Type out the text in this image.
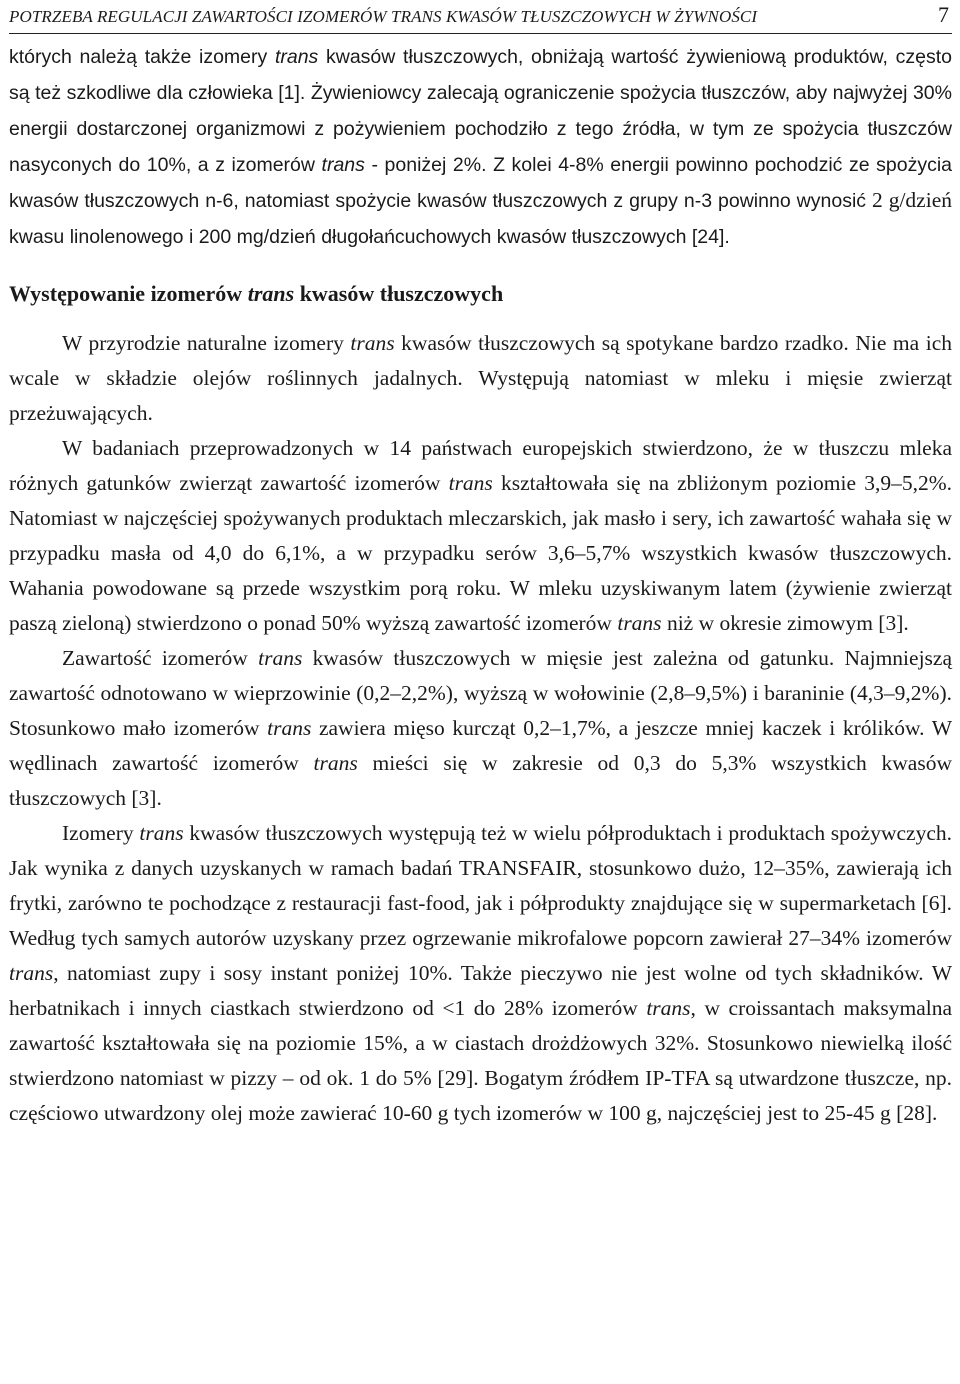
POTRZEBA REGULACJI ZAWARTOŚCI IZOMERÓW TRANS KWASÓW TŁUSZCZOWYCH W ŻYWNOŚCI	7

których należą także izomery trans kwasów tłuszczowych, obniżają wartość żywieniową produktów, często są też szkodliwe dla człowieka [1]. Żywieniowcy zalecają ograniczenie spożycia tłuszczów, aby najwyżej 30% energii dostarczonej organizmowi z pożywieniem pochodziło z tego źródła, w tym ze spożycia tłuszczów nasyconych do 10%, a z izomerów trans - poniżej 2%. Z kolei 4-8% energii powinno pochodzić ze spożycia kwasów tłuszczowych n-6, natomiast spożycie kwasów tłuszczowych z grupy n-3 powinno wynosić 2 g/dzień kwasu linolenowego i 200 mg/dzień długołańcuchowych kwasów tłuszczowych [24].

Występowanie izomerów trans kwasów tłuszczowych

W przyrodzie naturalne izomery trans kwasów tłuszczowych są spotykane bardzo rzadko. Nie ma ich wcale w składzie olejów roślinnych jadalnych. Występują natomiast w mleku i mięsie zwierząt przeżuwających.

W badaniach przeprowadzonych w 14 państwach europejskich stwierdzono, że w tłuszczu mleka różnych gatunków zwierząt zawartość izomerów trans kształtowała się na zbliżonym poziomie 3,9–5,2%. Natomiast w najczęściej spożywanych produktach mleczarskich, jak masło i sery, ich zawartość wahała się w przypadku masła od 4,0 do 6,1%, a w przypadku serów 3,6–5,7% wszystkich kwasów tłuszczowych. Wahania powodowane są przede wszystkim porą roku. W mleku uzyskiwanym latem (żywienie zwierząt paszą zieloną) stwierdzono o ponad 50% wyższą zawartość izomerów trans niż w okresie zimowym [3].

Zawartość izomerów trans kwasów tłuszczowych w mięsie jest zależna od gatunku. Najmniejszą zawartość odnotowano w wieprzowinie (0,2–2,2%), wyższą w wołowinie (2,8–9,5%) i baraninie (4,3–9,2%). Stosunkowo mało izomerów trans zawiera mięso kurcząt 0,2–1,7%, a jeszcze mniej kaczek i królików. W wędlinach zawartość izomerów trans mieści się w zakresie od 0,3 do 5,3% wszystkich kwasów tłuszczowych [3].

Izomery trans kwasów tłuszczowych występują też w wielu półproduktach i produktach spożywczych. Jak wynika z danych uzyskanych w ramach badań TRANSFAIR, stosunkowo dużo, 12–35%, zawierają ich frytki, zarówno te pochodzące z restauracji fast-food, jak i półprodukty znajdujące się w supermarketach [6]. Według tych samych autorów uzyskany przez ogrzewanie mikrofalowe popcorn zawierał 27–34% izomerów trans, natomiast zupy i sosy instant poniżej 10%. Także pieczywo nie jest wolne od tych składników. W herbatnikach i innych ciastkach stwierdzono od <1 do 28% izomerów trans, w croissantach maksymalna zawartość kształtowała się na poziomie 15%, a w ciastach drożdżowych 32%. Stosunkowo niewielką ilość stwierdzono natomiast w pizzy – od ok. 1 do 5% [29]. Bogatym źródłem IP-TFA są utwardzone tłuszcze, np. częściowo utwardzony olej może zawierać 10-60 g tych izomerów w 100 g, najczęściej jest to 25-45 g [28].
